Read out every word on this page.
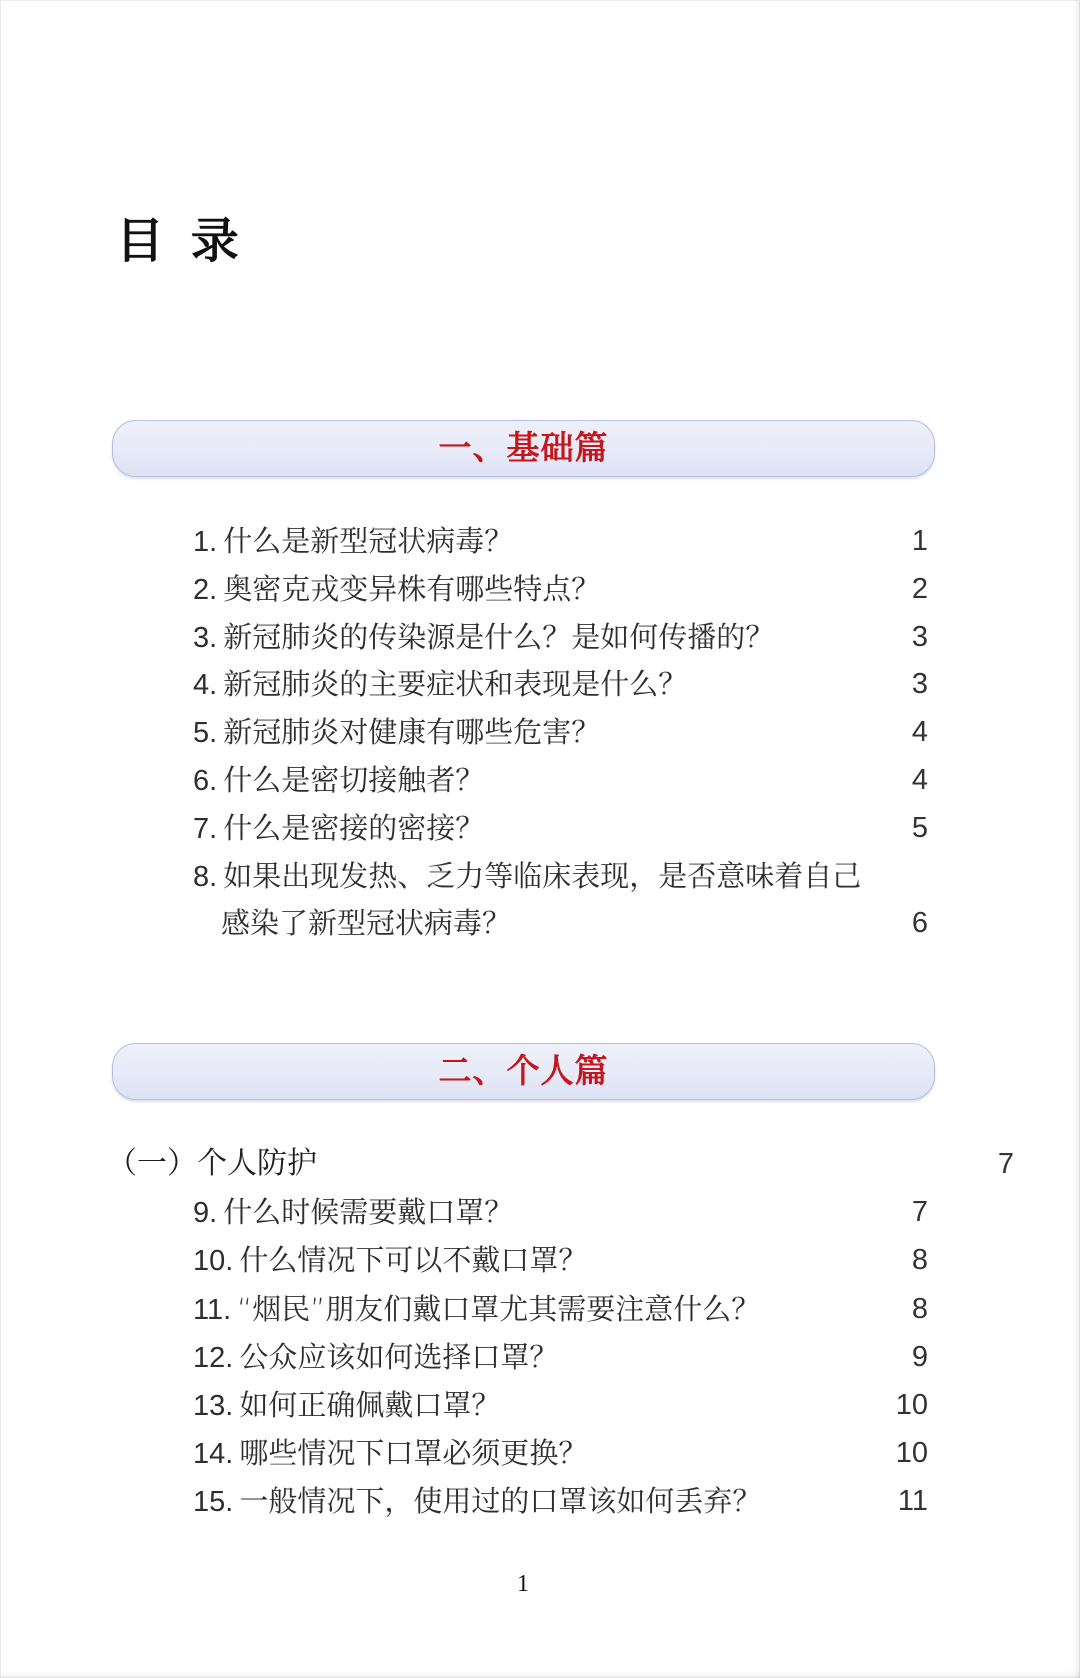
目 录
一、基础篇
1. 什么是新型冠状病毒？	1
2. 奥密克戎变异株有哪些特点？	2
3. 新冠肺炎的传染源是什么？是如何传播的？	3
4. 新冠肺炎的主要症状和表现是什么？	3
5. 新冠肺炎对健康有哪些危害？	4
6. 什么是密切接触者？	4
7. 什么是密接的密接？	5
8. 如果出现发热、乏力等临床表现，是否意味着自己
感染了新型冠状病毒？	6
二、个人篇
（一）个人防护	7
9. 什么时候需要戴口罩？	7
10. 什么情况下可以不戴口罩？	8
11. “烟民”朋友们戴口罩尤其需要注意什么？	8
12. 公众应该如何选择口罩？	9
13. 如何正确佩戴口罩？	10
14. 哪些情况下口罩必须更换？	10
15. 一般情况下，使用过的口罩该如何丢弃？	11
1
